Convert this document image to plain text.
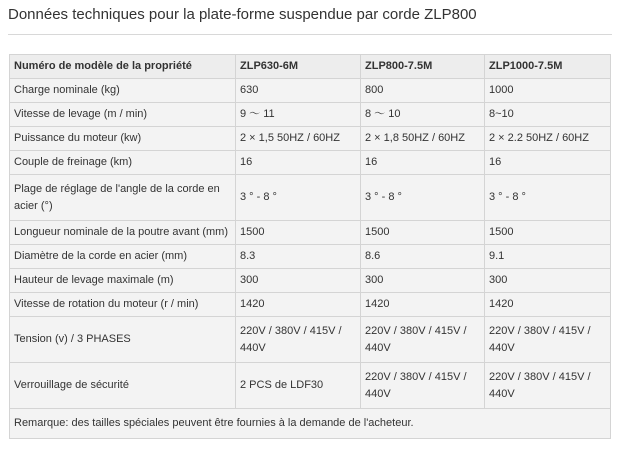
Données techniques pour la plate-forme suspendue par corde ZLP800
Numéro de modèle de la propriété	ZLP630-6M	ZLP800-7.5M	ZLP1000-7.5M
Charge nominale (kg)	630	800	1000
Vitesse de levage (m / min)	9 ～ 11	8 ～ 10	8~10
Puissance du moteur (kw)	2 × 1,5 50HZ / 60HZ	2 × 1,8 50HZ / 60HZ	2 × 2.2 50HZ / 60HZ
Couple de freinage (km)	16	16	16
Plage de réglage de l'angle de la corde en acier (°)	3 ° - 8 °	3 ° - 8 °	3 ° - 8 °
Longueur nominale de la poutre avant (mm)	1500	1500	1500
Diamètre de la corde en acier (mm)	8.3	8.6	9.1
Hauteur de levage maximale (m)	300	300	300
Vitesse de rotation du moteur (r / min)	1420	1420	1420
Tension (v) / 3 PHASES	220V / 380V / 415V / 440V	220V / 380V / 415V / 440V	220V / 380V / 415V / 440V
Verrouillage de sécurité	2 PCS de LDF30	220V / 380V / 415V / 440V	220V / 380V / 415V / 440V
Remarque: des tailles spéciales peuvent être fournies à la demande de l'acheteur.			
